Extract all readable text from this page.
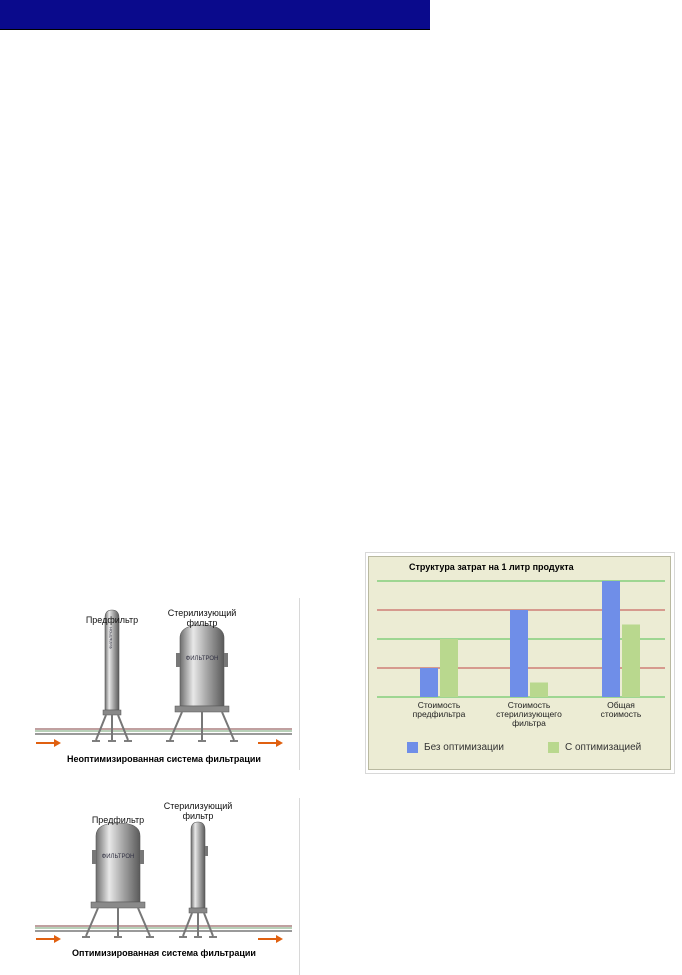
ФИЛЬТРОН
ФИЛЬТРОН
Предфильтр
Стерилизующий
фильтр
Неоптимизированная система фильтрации
ФИЛЬТРОН
Предфильтр
Стерилизующий
фильтр
Оптимизированная система фильтрации
Структура затрат на 1 литр продукта
Стоимость
предфильтра
Стоимость
стерилизующего
фильтра
Общая
стоимость
Без оптимизации	С оптимизацией
